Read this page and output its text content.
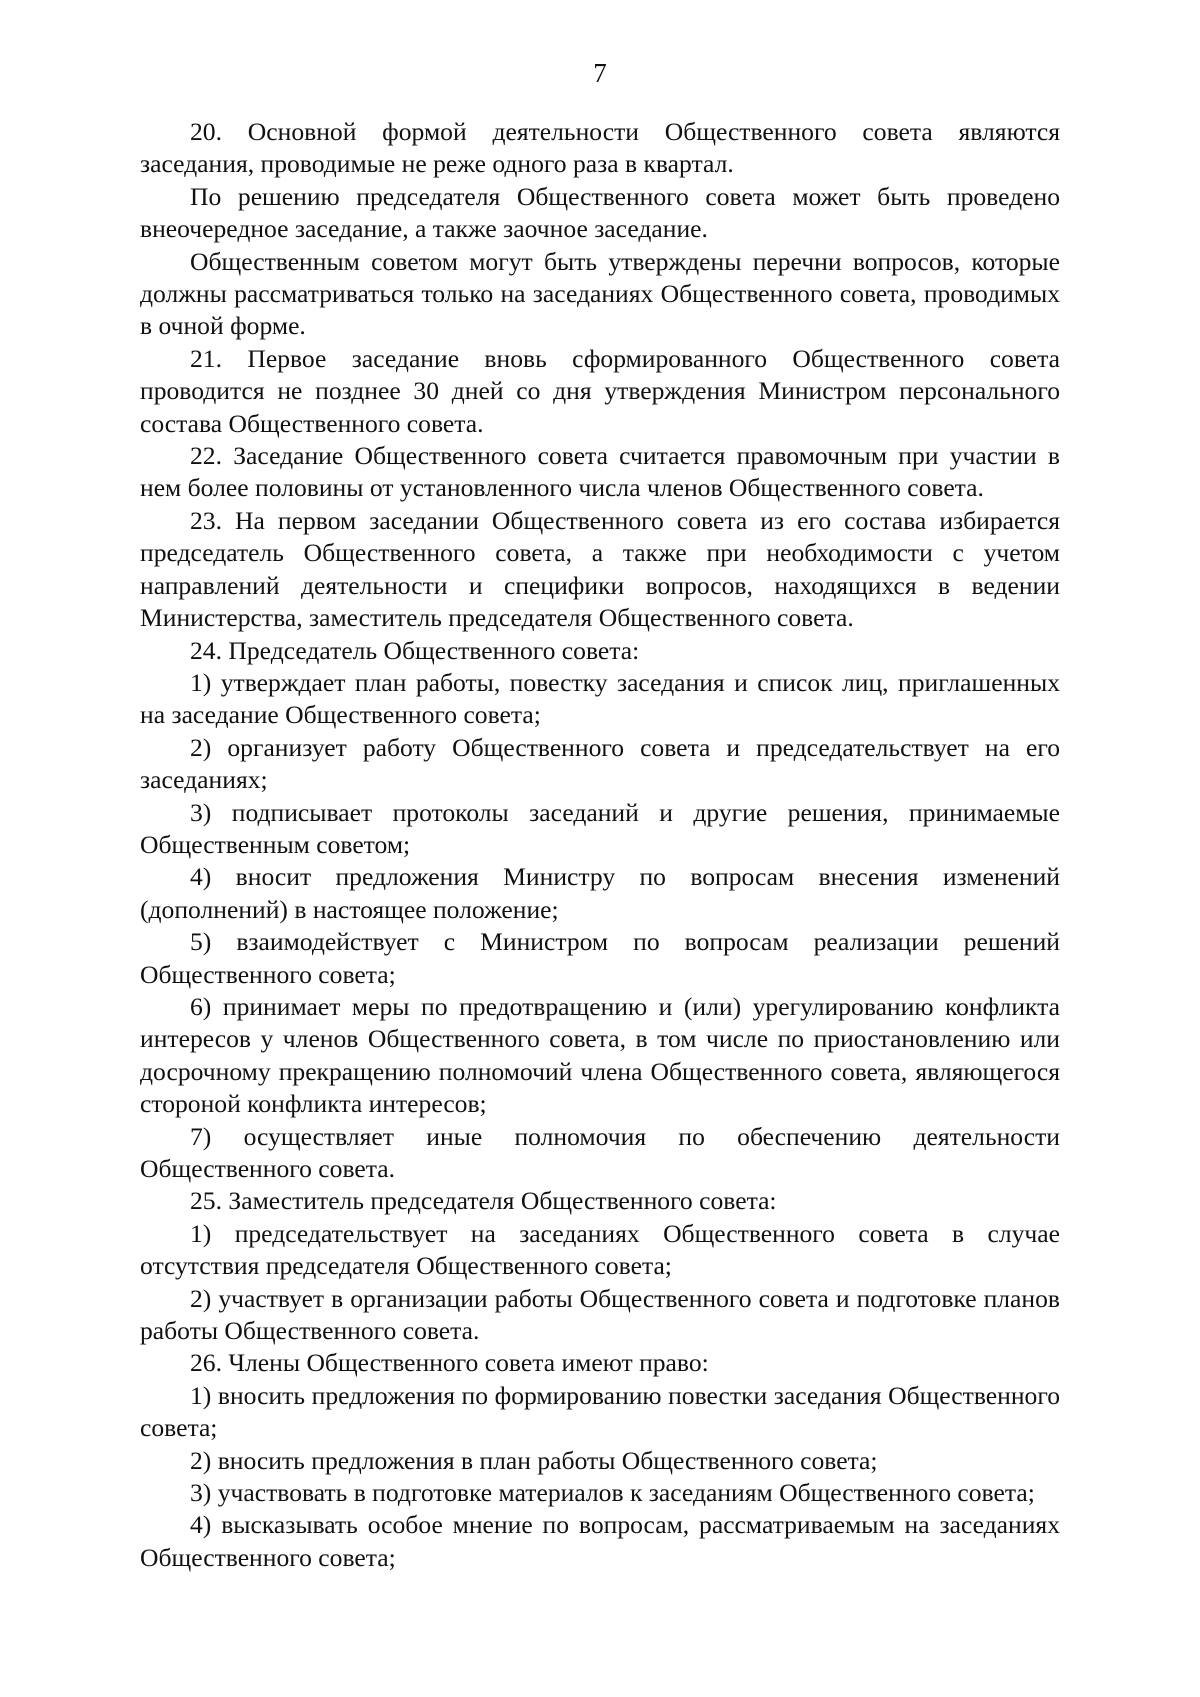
7

20. Основной формой деятельности Общественного совета являются заседания, проводимые не реже одного раза в квартал.

По решению председателя Общественного совета может быть проведено внеочередное заседание, а также заочное заседание.

Общественным советом могут быть утверждены перечни вопросов, которые должны рассматриваться только на заседаниях Общественного совета, проводимых в очной форме.

21. Первое заседание вновь сформированного Общественного совета проводится не позднее 30 дней со дня утверждения Министром персонального состава Общественного совета.

22. Заседание Общественного совета считается правомочным при участии в нем более половины от установленного числа членов Общественного совета.

23. На первом заседании Общественного совета из его состава избирается председатель Общественного совета, а также при необходимости с учетом направлений деятельности и специфики вопросов, находящихся в ведении Министерства, заместитель председателя Общественного совета.

24. Председатель Общественного совета:

1) утверждает план работы, повестку заседания и список лиц, приглашенных на заседание Общественного совета;

2) организует работу Общественного совета и председательствует на его заседаниях;

3) подписывает протоколы заседаний и другие решения, принимаемые Общественным советом;

4) вносит предложения Министру по вопросам внесения изменений (дополнений) в настоящее положение;

5) взаимодействует с Министром по вопросам реализации решений Общественного совета;

6) принимает меры по предотвращению и (или) урегулированию конфликта интересов у членов Общественного совета, в том числе по приостановлению или досрочному прекращению полномочий члена Общественного совета, являющегося стороной конфликта интересов;

7) осуществляет иные полномочия по обеспечению деятельности Общественного совета.

25. Заместитель председателя Общественного совета:

1) председательствует на заседаниях Общественного совета в случае отсутствия председателя Общественного совета;

2) участвует в организации работы Общественного совета и подготовке планов работы Общественного совета.

26. Члены Общественного совета имеют право:

1) вносить предложения по формированию повестки заседания Общественного совета;

2) вносить предложения в план работы Общественного совета;

3) участвовать в подготовке материалов к заседаниям Общественного совета;

4) высказывать особое мнение по вопросам, рассматриваемым на заседаниях Общественного совета;
